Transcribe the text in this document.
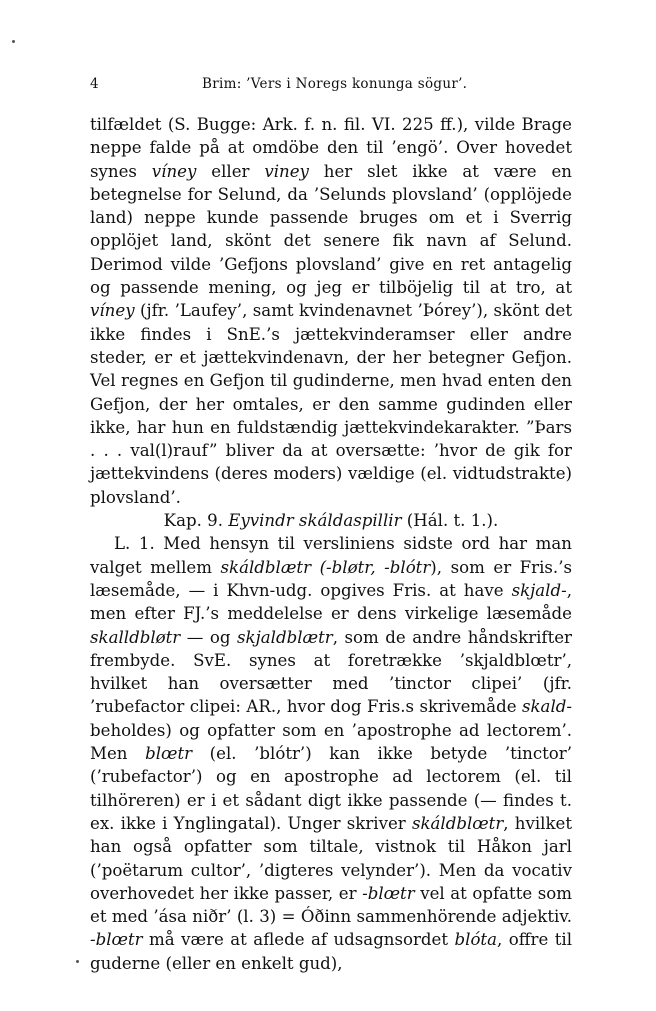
4	Brim: ’Vers i Noregs konunga sögur’.

tilfældet (S. Bugge: Ark. f. n. fil. VI. 225 ff.), vilde Brage neppe falde på at omdöbe den til ’engö’. Over hovedet synes víney eller viney her slet ikke at være en betegnelse for Selund, da ’Selunds plovsland’ (opplöjede land) neppe kunde passende bruges om et i Sverrig opplöjet land, skönt det senere fik navn af Selund. Derimod vilde ’Gefjons plovsland’ give en ret antagelig og passende mening, og jeg er tilböjelig til at tro, at víney (jfr. ’Laufey’, samt kvindenavnet ’Þórey’), skönt det ikke findes i SnE.’s jættekvinderamser eller andre steder, er et jættekvindenavn, der her betegner Gefjon. Vel regnes en Gefjon til gudinderne, men hvad enten den Gefjon, der her omtales, er den samme gudinden eller ikke, har hun en fuldstændig jættekvindekarakter. ”Þars . . . val(l)rauf” bliver da at oversætte: ’hvor de gik for jættekvindens (deres moders) vældige (el. vidtudstrakte) plovsland’.

Kap. 9. Eyvindr skáldaspillir (Hál. t. 1.).

L. 1. Med hensyn til versliniens sidste ord har man valget mellem skáldblætr (-bløtr, -blótr), som er Fris.’s læsemåde, — i Khvn-udg. opgives Fris. at have skjald-, men efter FJ.’s meddelelse er dens virkelige læsemåde skalldbløtr — og skjaldblætr, som de andre håndskrifter frembyde. SvE. synes at foretrække ’skjaldblœtr’, hvilket han oversætter med ’tinctor clipei’ (jfr. ’rubefactor clipei: AR., hvor dog Fris.s skrivemåde skald- beholdes) og opfatter som en ’apostrophe ad lectorem’. Men blœtr (el. ’blótr’) kan ikke betyde ’tinctor’ (’rubefactor’) og en apostrophe ad lectorem (el. til tilhöreren) er i et sådant digt ikke passende (— findes t. ex. ikke i Ynglingatal). Unger skriver skáldblœtr, hvilket han også opfatter som tiltale, vistnok til Håkon jarl (’poëtarum cultor’, ’digteres velynder’). Men da vocativ overhovedet her ikke passer, er -blœtr vel at opfatte som et med ’ása niðr’ (l. 3) = Óðinn sammenhörende adjektiv. -blœtr må være at aflede af udsagnsordet blóta, offre til guderne (eller en enkelt gud),
